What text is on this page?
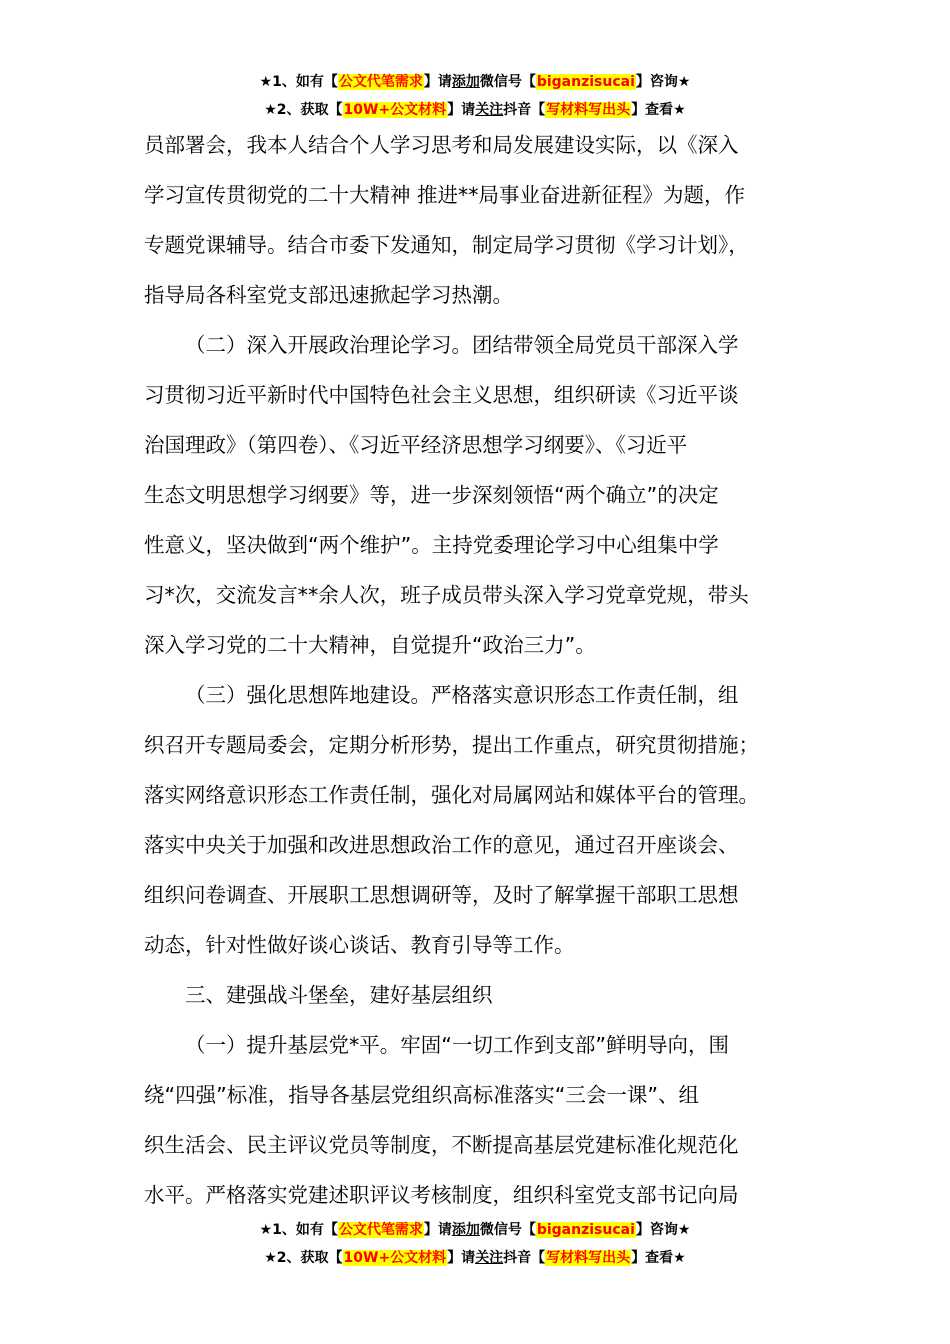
★1、如有【公文代笔需求】请添加微信号【biganzisucai】咨询★
★2、获取【10W+公文材料】请关注抖音【写材料写出头】查看★
员部署会，我本人结合个人学习思考和局发展建设实际，以《深入
学习宣传贯彻党的二十大精神 推进**局事业奋进新征程》为题，作
专题党课辅导。结合市委下发通知，制定局学习贯彻《学习计划》，
指导局各科室党支部迅速掀起学习热潮。
（二）深入开展政治理论学习。团结带领全局党员干部深入学
习贯彻习近平新时代中国特色社会主义思想，组织研读《习近平谈
治国理政》（第四卷）、《习近平经济思想学习纲要》、《习近平
生态文明思想学习纲要》等，进一步深刻领悟“两个确立”的决定
性意义，坚决做到“两个维护”。主持党委理论学习中心组集中学
习*次，交流发言**余人次，班子成员带头深入学习党章党规，带头
深入学习党的二十大精神，自觉提升“政治三力”。
（三）强化思想阵地建设。严格落实意识形态工作责任制，组
织召开专题局委会，定期分析形势，提出工作重点，研究贯彻措施；
落实网络意识形态工作责任制，强化对局属网站和媒体平台的管理。
落实中央关于加强和改进思想政治工作的意见，通过召开座谈会、
组织问卷调查、开展职工思想调研等，及时了解掌握干部职工思想
动态，针对性做好谈心谈话、教育引导等工作。
三、建强战斗堡垒，建好基层组织
（一）提升基层党*平。牢固“一切工作到支部”鲜明导向，围
绕“四强”标准，指导各基层党组织高标准落实“三会一课”、组
织生活会、民主评议党员等制度，不断提高基层党建标准化规范化
水平。严格落实党建述职评议考核制度，组织科室党支部书记向局
★1、如有【公文代笔需求】请添加微信号【biganzisucai】咨询★
★2、获取【10W+公文材料】请关注抖音【写材料写出头】查看★
